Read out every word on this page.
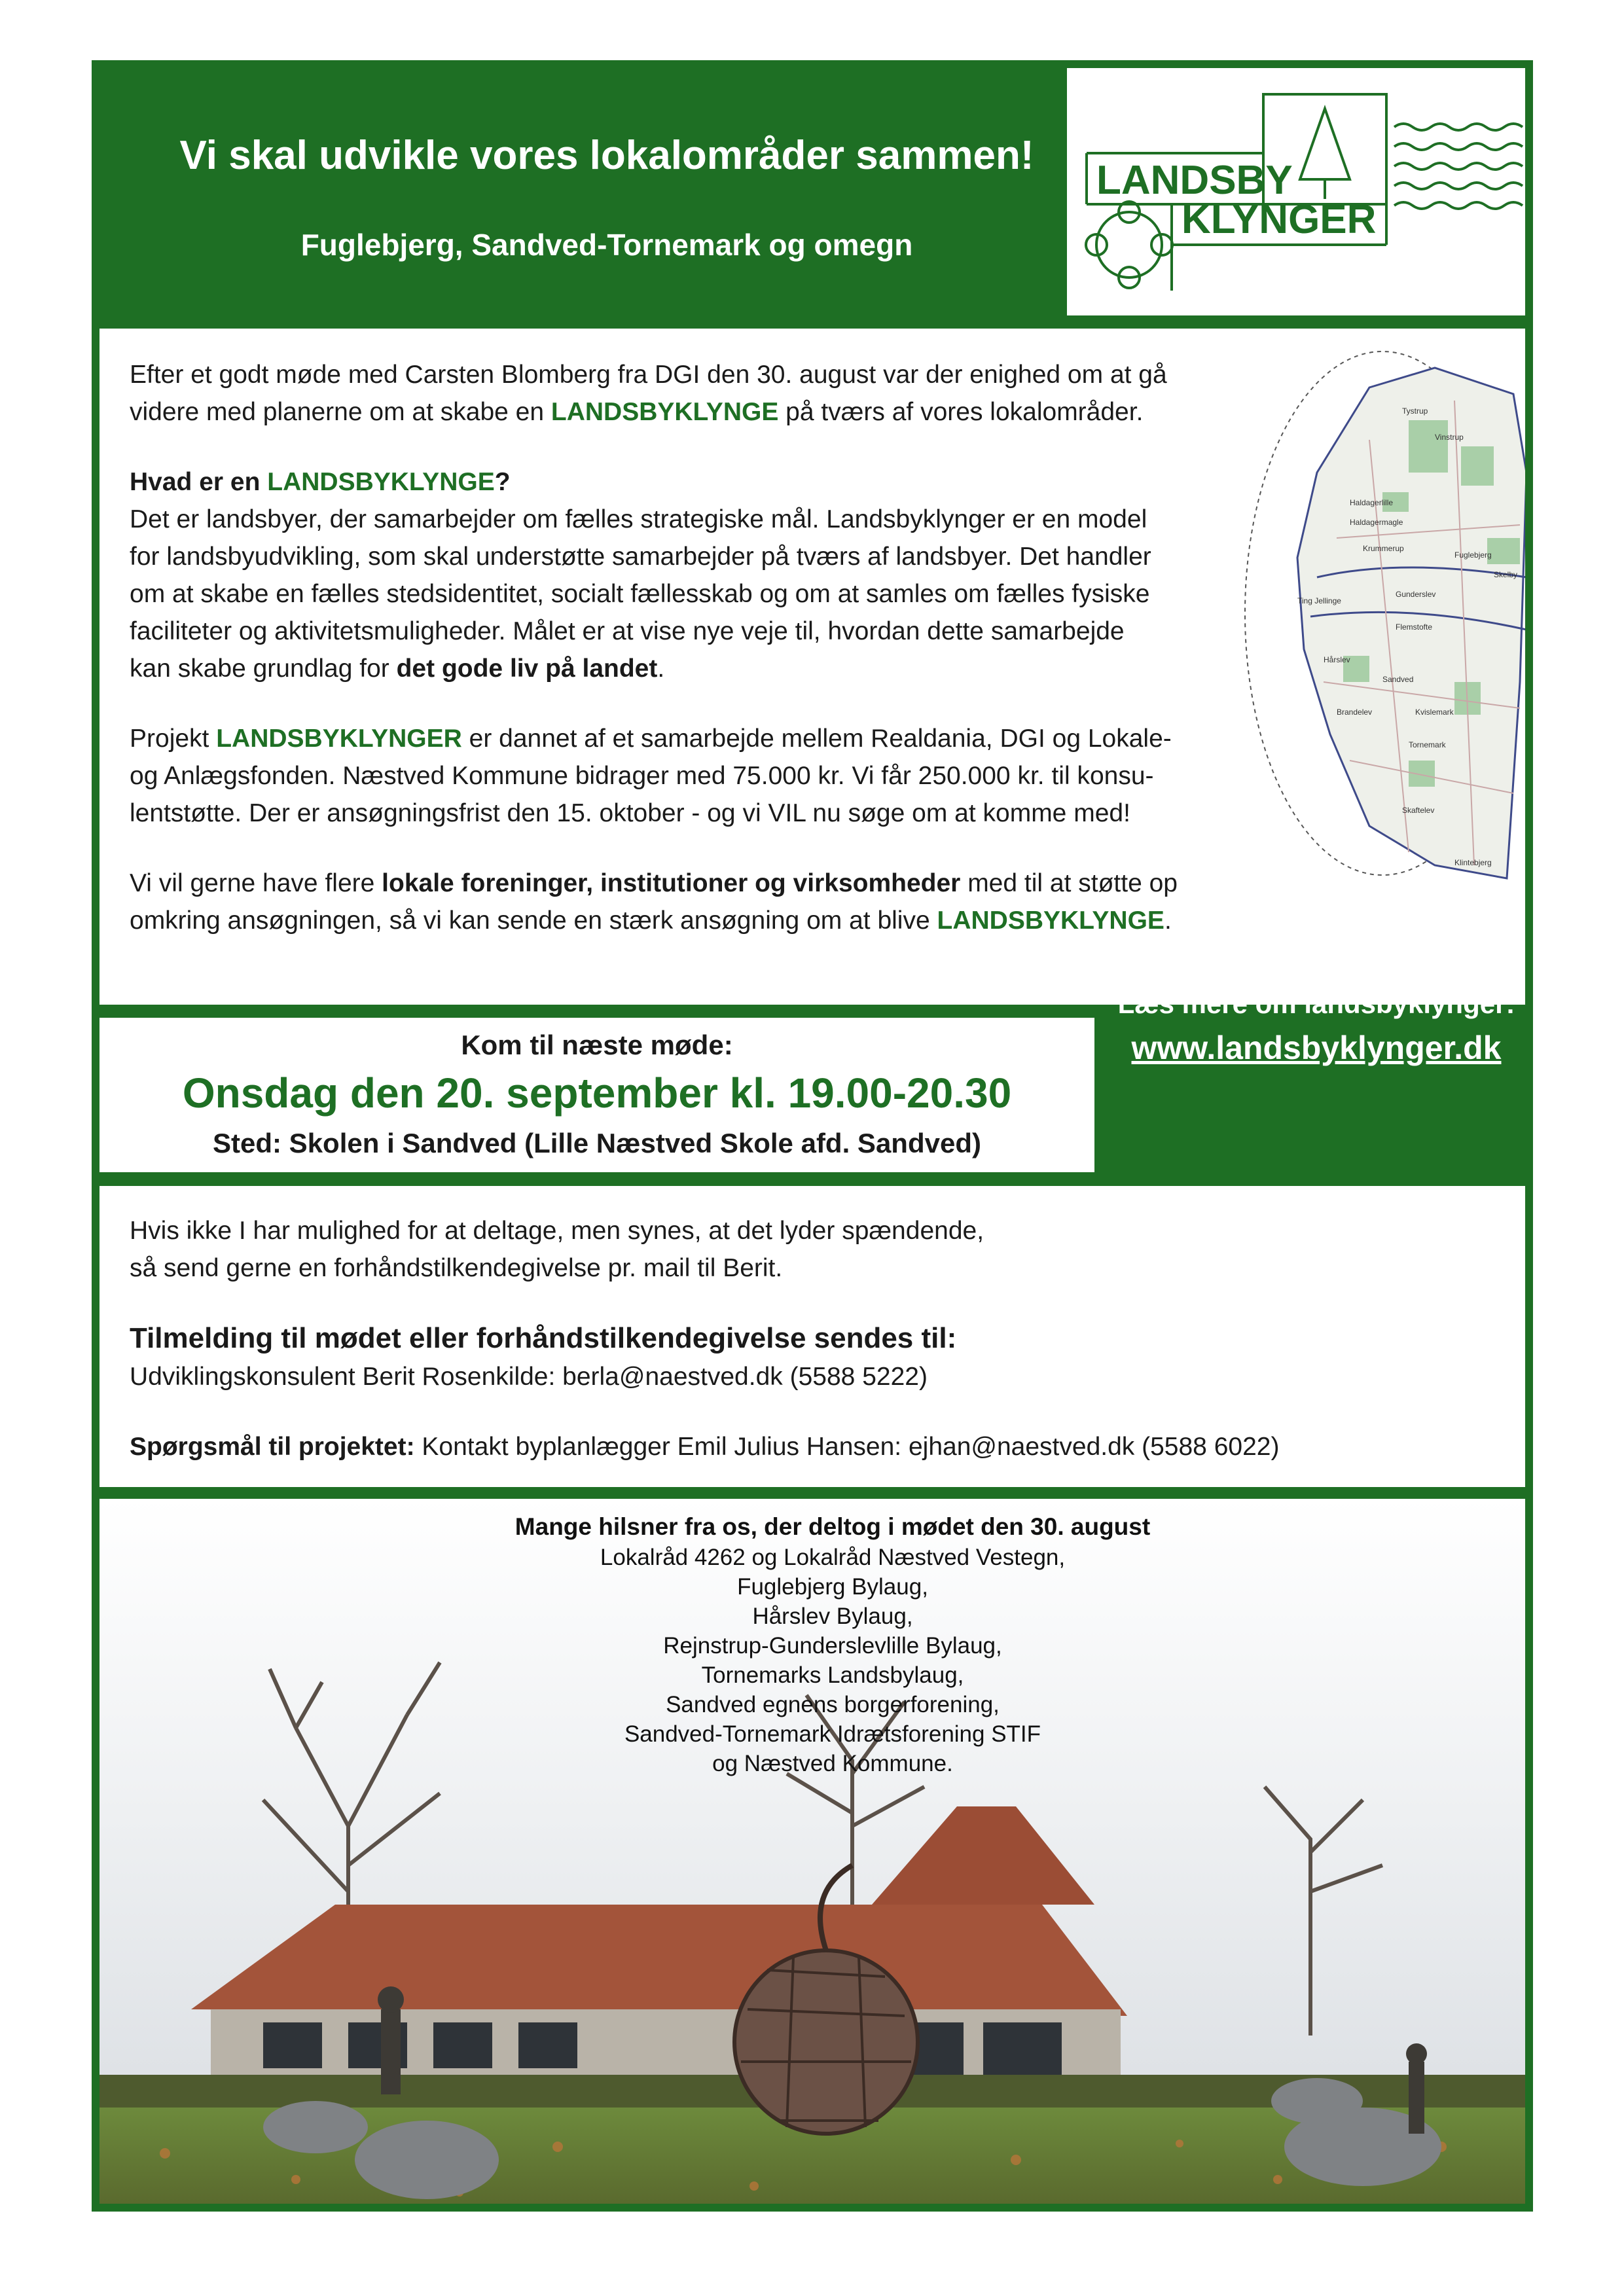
Vi skal udvikle vores lokalområder sammen!
Fuglebjerg, Sandved-Tornemark og omegn
LANDSBY
KLYNGER
Tystrup
Vinstrup
Haldagerlille
Haldagermagle
Fuglebjerg
Krummerup
Skelby
Ting Jellinge
Gunderslev
Flemstofte
Hårslev
Sandved
Brandelev	Kvislemark
Tornemark
Skaftelev
Klintebjerg

Efter et godt møde med Carsten Blomberg fra DGI den 30. august var der enighed om at gå
videre med planerne om at skabe en LANDSBYKLYNGE på tværs af vores lokalområder.

Hvad er en LANDSBYKLYNGE?
Det er landsbyer, der samarbejder om fælles strategiske mål. Landsbyklynger er en model
for landsbyudvikling, som skal understøtte samarbejder på tværs af landsbyer. Det handler
om at skabe en fælles stedsidentitet, socialt fællesskab og om at samles om fælles fysiske
faciliteter og aktivitetsmuligheder. Målet er at vise nye veje til, hvordan dette samarbejde
kan skabe grundlag for det gode liv på landet.

Projekt LANDSBYKLYNGER er dannet af et samarbejde mellem Realdania, DGI og Lokale-
og Anlægsfonden. Næstved Kommune bidrager med 75.000 kr. Vi får 250.000 kr. til konsu-
lentstøtte. Der er ansøgningsfrist den 15. oktober - og vi VIL nu søge om at komme med!

Vi vil gerne have flere lokale foreninger, institutioner og virksomheder med til at støtte op
omkring ansøgningen, så vi kan sende en stærk ansøgning om at blive LANDSBYKLYNGE.

Kom til næste møde:
Onsdag den 20. september kl. 19.00-20.30
Sted: Skolen i Sandved (Lille Næstved Skole afd. Sandved)
Læs mere om landsbyklynger:
www.landsbyklynger.dk

Hvis ikke I har mulighed for at deltage, men synes, at det lyder spændende,
så send gerne en forhåndstilkendegivelse pr. mail til Berit.

Tilmelding til mødet eller forhåndstilkendegivelse sendes til:
Udviklingskonsulent Berit Rosenkilde: berla@naestved.dk (5588 5222)

Spørgsmål til projektet: Kontakt byplanlægger Emil Julius Hansen: ejhan@naestved.dk (5588 6022)

Mange hilsner fra os, der deltog i mødet den 30. august
Lokalråd 4262 og Lokalråd Næstved Vestegn,
Fuglebjerg Bylaug,
Hårslev Bylaug,
Rejnstrup-Gunderslevlille Bylaug,
Tornemarks Landsbylaug,
Sandved egnens borgerforening,
Sandved-Tornemark Idrætsforening STIF
og Næstved Kommune.
